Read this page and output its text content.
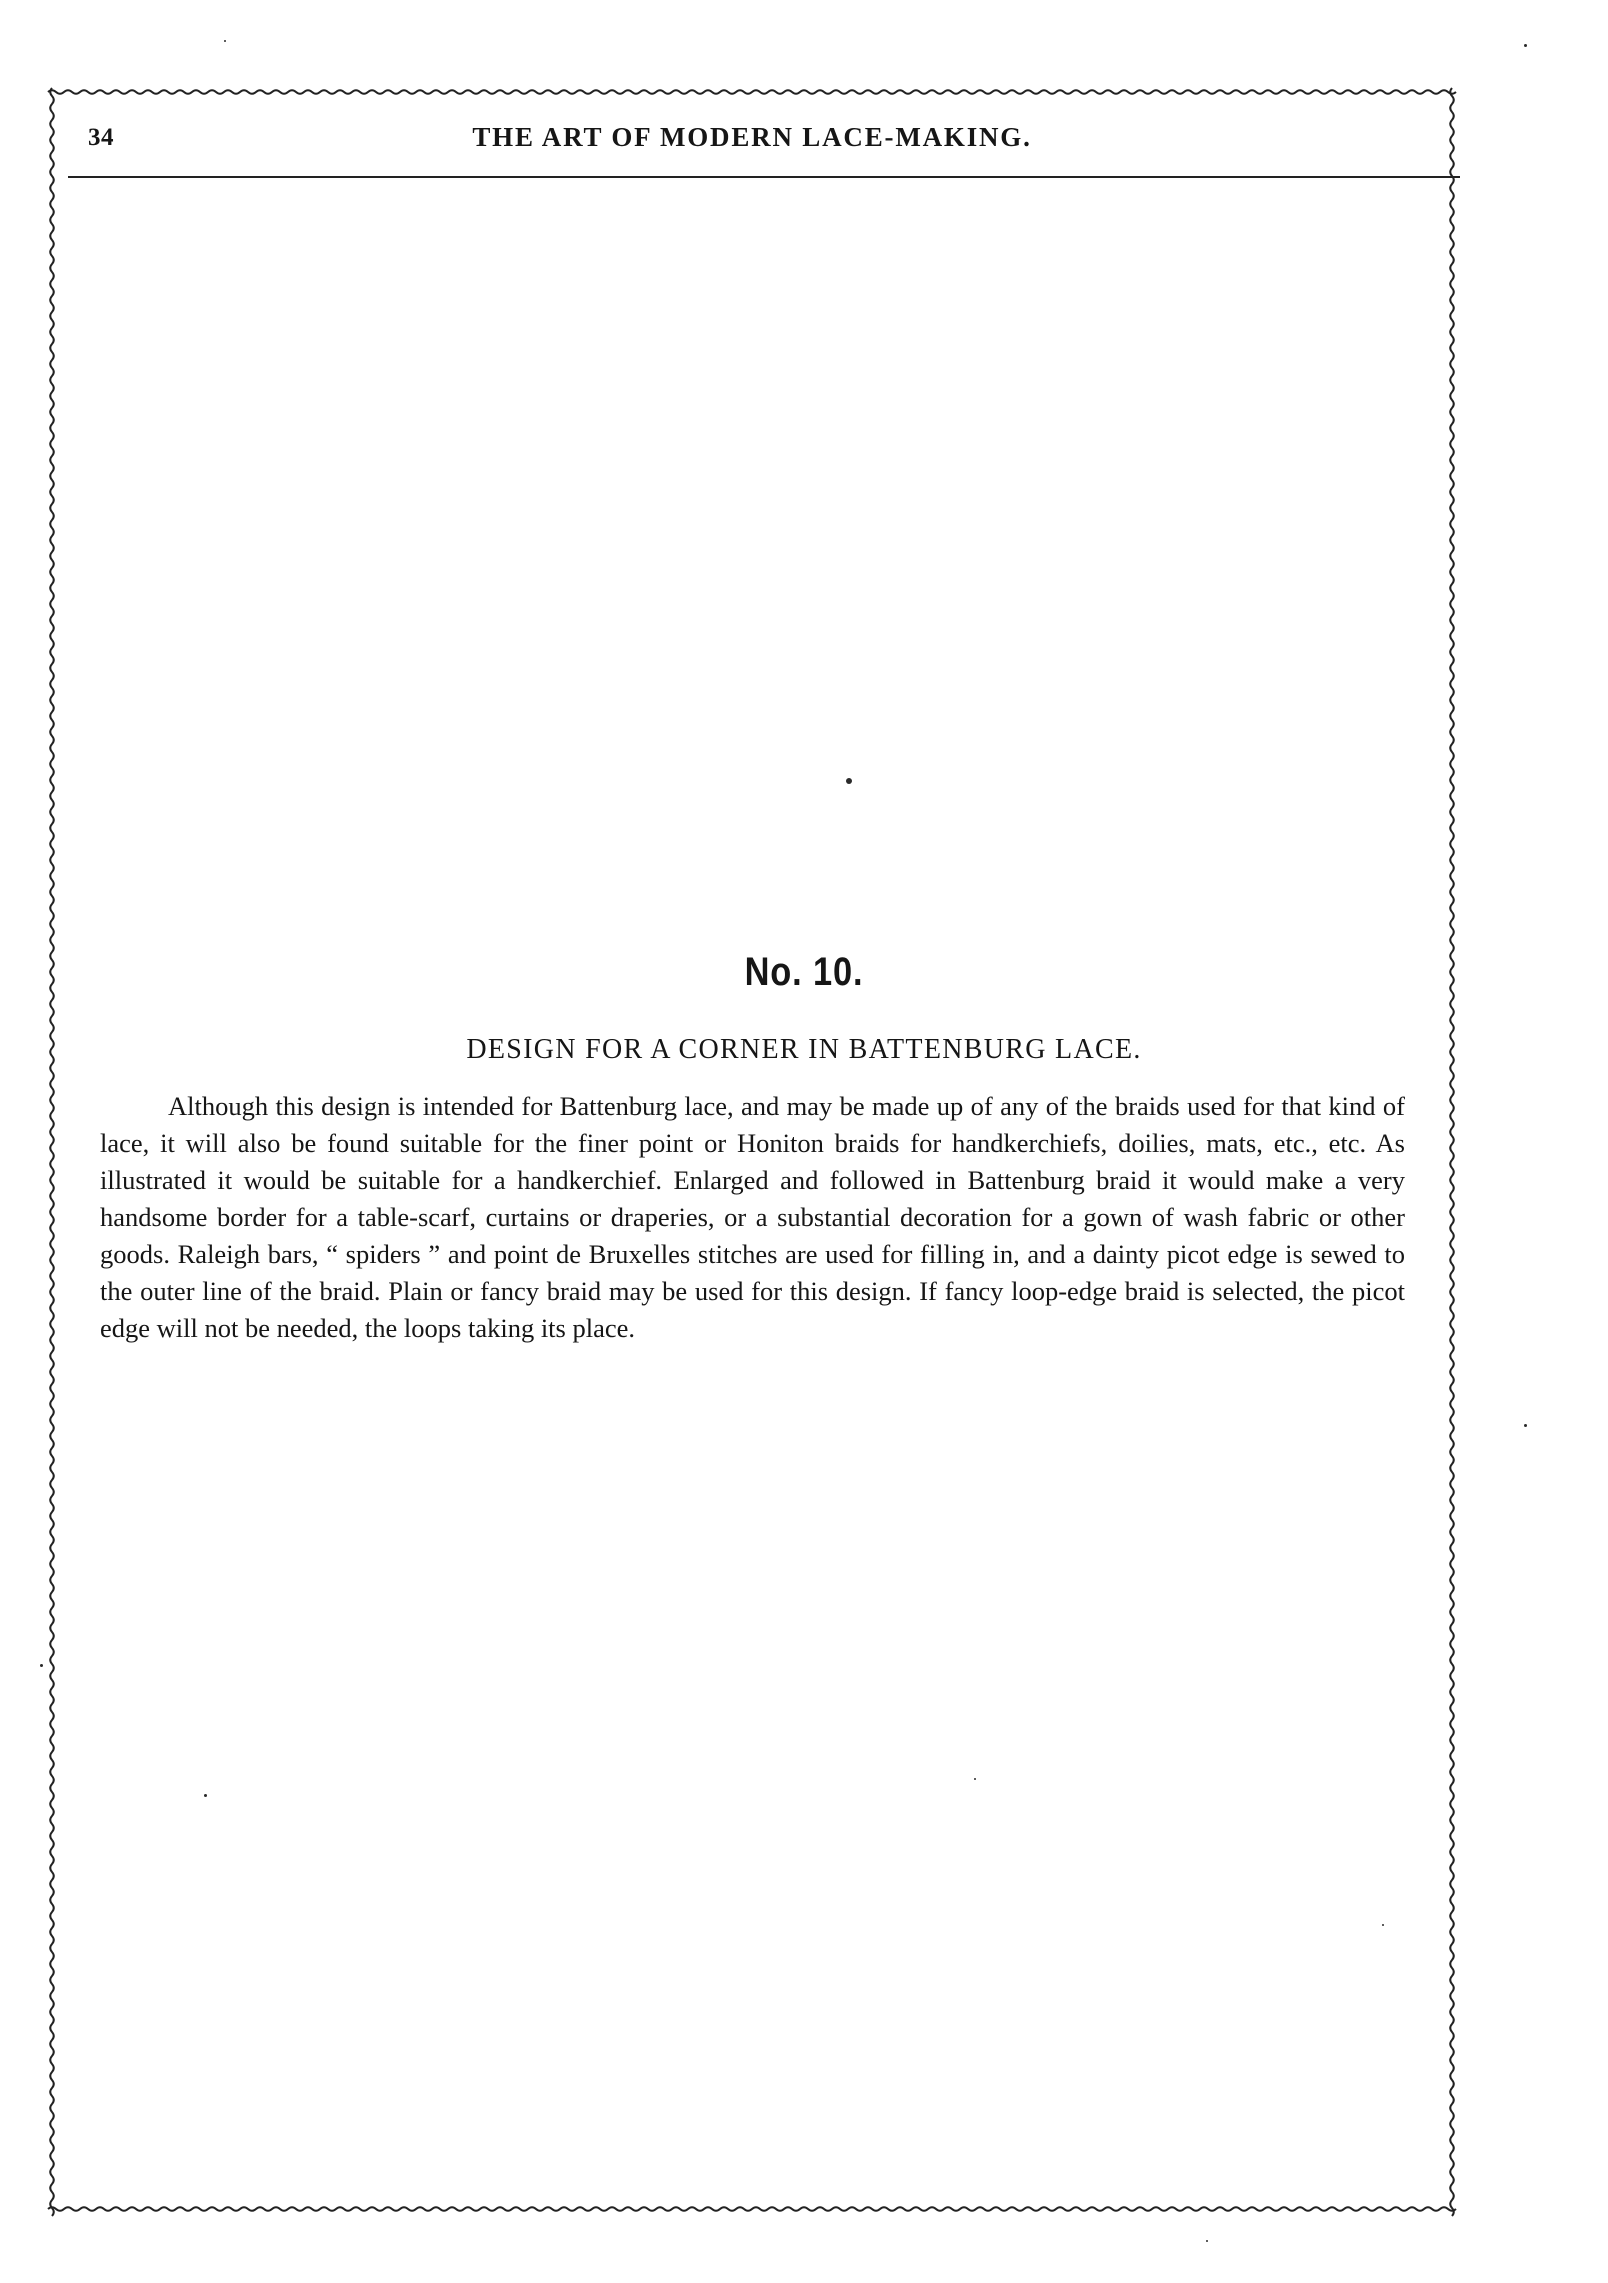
34	THE ART OF MODERN LACE-MAKING.
No. 10.
DESIGN FOR A CORNER IN BATTENBURG LACE.

Although this design is intended for Battenburg lace, and may be made up of any of the braids used for that kind of lace, it will also be found suitable for the finer point or Honiton braids for handkerchiefs, doilies, mats, etc., etc. As illustrated it would be suitable for a handkerchief. Enlarged and followed in Battenburg braid it would make a very handsome border for a table-scarf, curtains or draperies, or a substantial decoration for a gown of wash fabric or other goods. Raleigh bars, “ spiders ” and point de Bruxelles stitches are used for filling in, and a dainty picot edge is sewed to the outer line of the braid. Plain or fancy braid may be used for this design. If fancy loop-edge braid is selected, the picot edge will not be needed, the loops taking its place.
